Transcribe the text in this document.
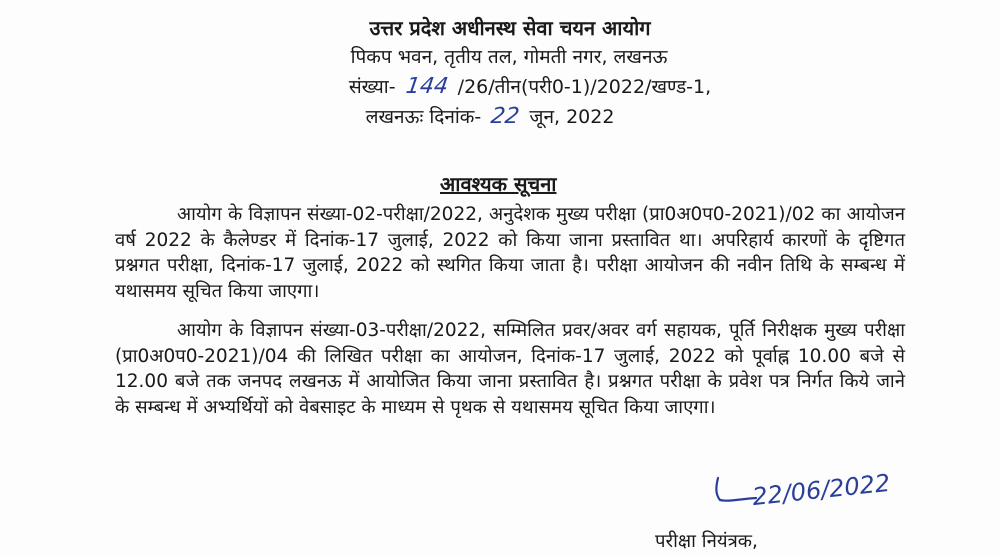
उत्तर प्रदेश अधीनस्थ सेवा चयन आयोग
पिकप भवन, तृतीय तल, गोमती नगर, लखनऊ
संख्या- 144 /26/तीन(परी0-1)/2022/खण्ड-1,
लखनऊः दिनांक- 22 जून, 2022
आवश्यक सूचना

आयोग के विज्ञापन संख्या-02-परीक्षा/2022, अनुदेशक मुख्य परीक्षा (प्रा0अ0प0-2021)/02 का आयोजन वर्ष 2022 के कैलेण्डर में दिनांक-17 जुलाई, 2022 को किया जाना प्रस्तावित था। अपरिहार्य कारणों के दृष्टिगत प्रश्नगत परीक्षा, दिनांक-17 जुलाई, 2022 को स्थगित किया जाता है। परीक्षा आयोजन की नवीन तिथि के सम्बन्ध में यथासमय सूचित किया जाएगा।

आयोग के विज्ञापन संख्या-03-परीक्षा/2022, सम्मिलित प्रवर/अवर वर्ग सहायक, पूर्ति निरीक्षक मुख्य परीक्षा (प्रा0अ0प0-2021)/04 की लिखित परीक्षा का आयोजन, दिनांक-17 जुलाई, 2022 को पूर्वाह्न 10.00 बजे से 12.00 बजे तक जनपद लखनऊ में आयोजित किया जाना प्रस्तावित है। प्रश्नगत परीक्षा के प्रवेश पत्र निर्गत किये जाने के सम्बन्ध में अभ्यर्थियों को वेबसाइट के माध्यम से पृथक से यथासमय सूचित किया जाएगा।

22/06/2022
परीक्षा नियंत्रक,
